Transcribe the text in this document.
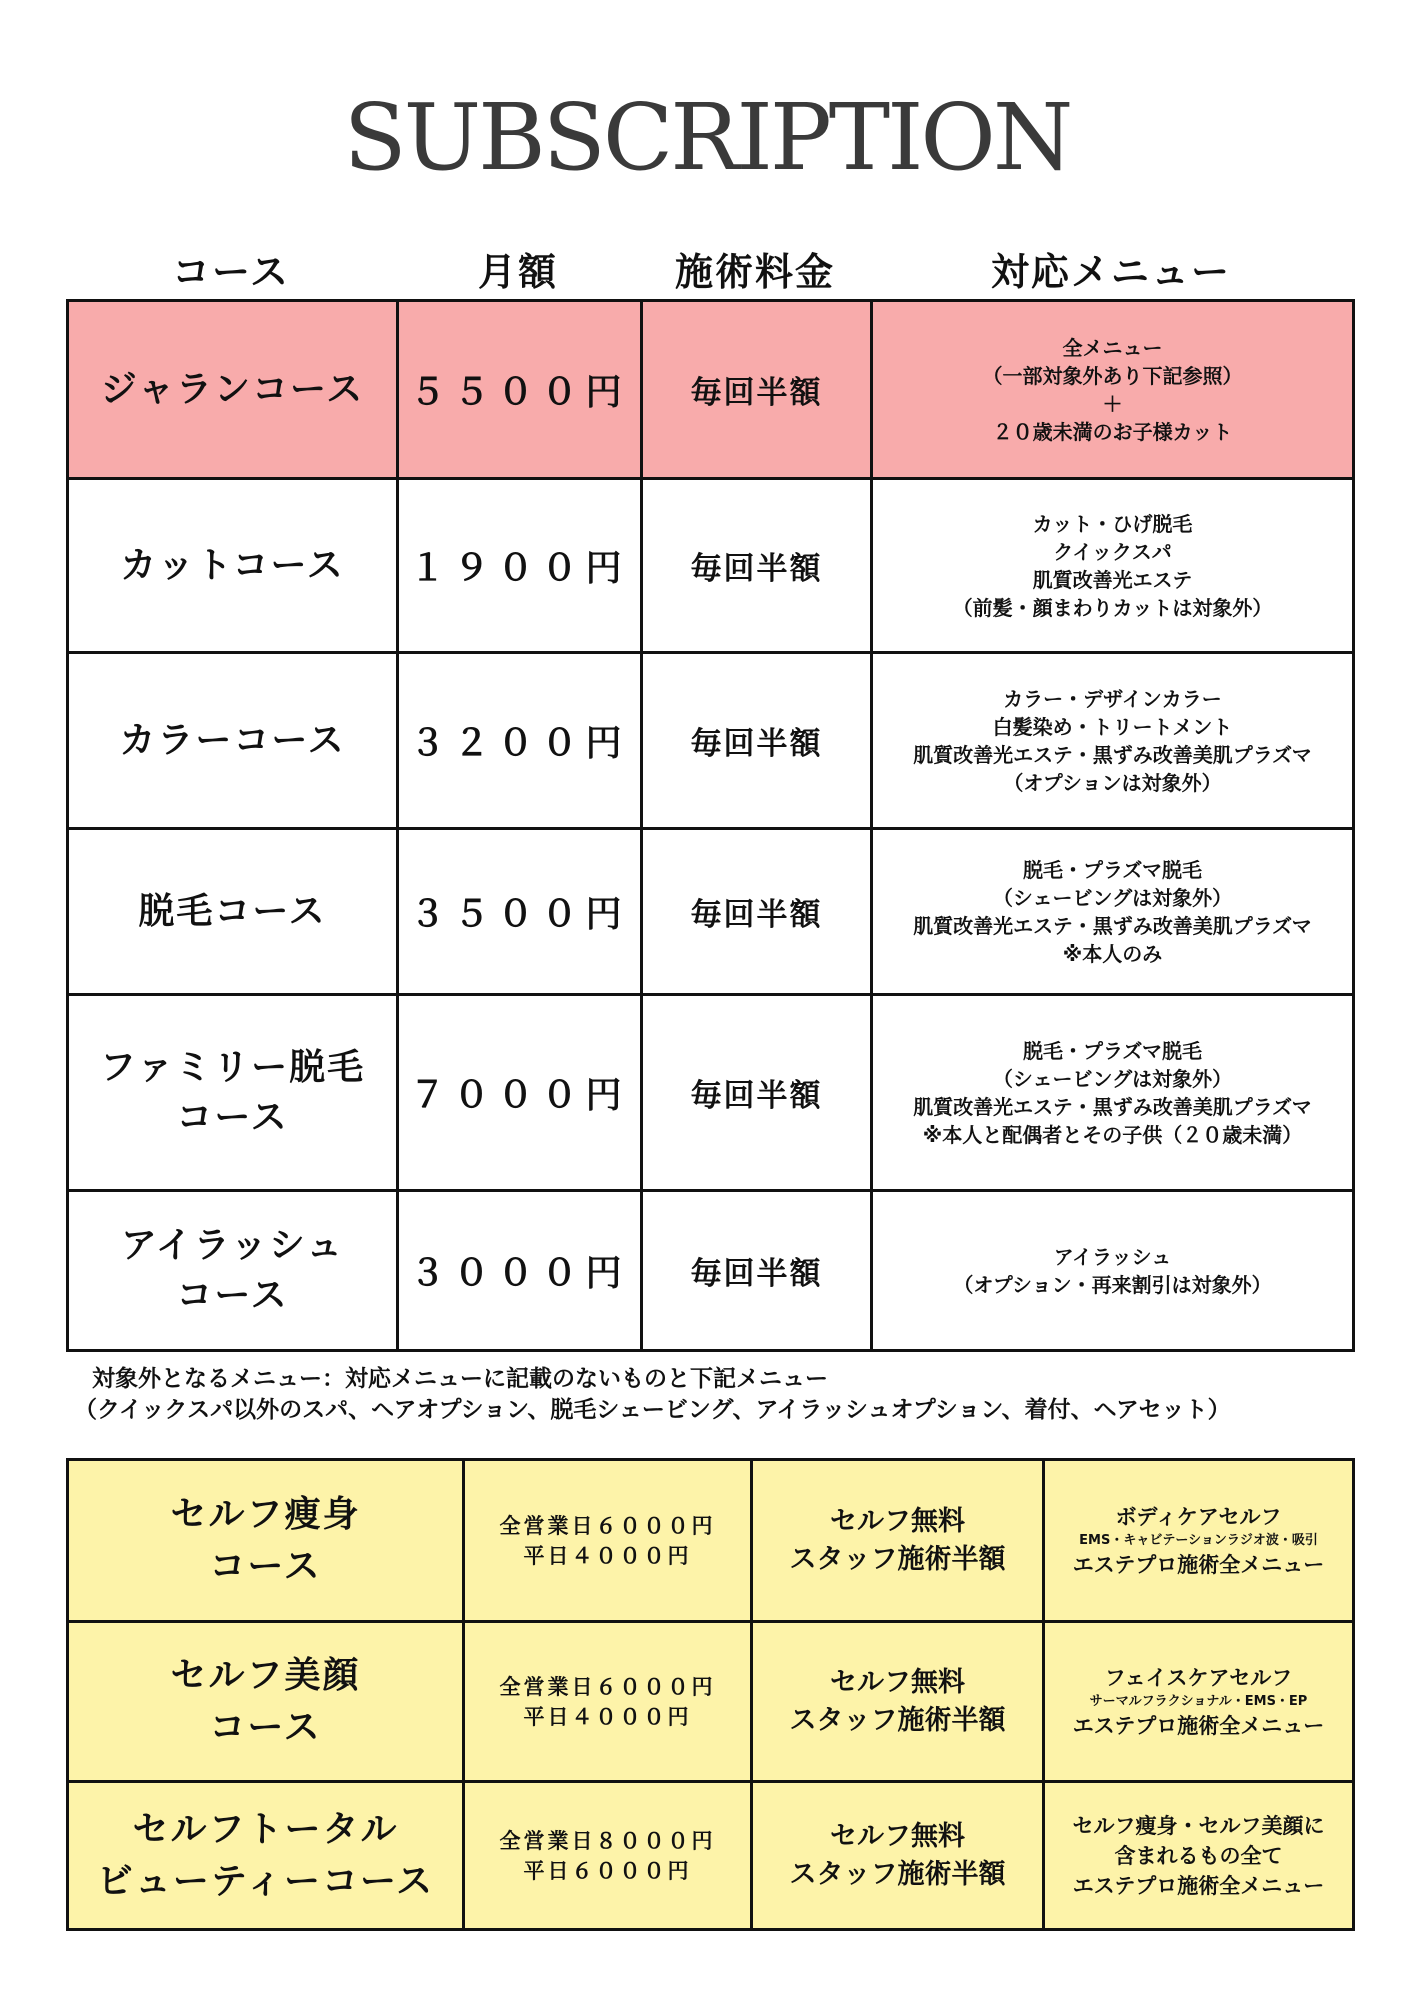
SUBSCRIPTION
コース	月額	施術料金	対応メニュー
ジャランコース	５５００円	毎回半額	全メニュー
（一部対象外あり下記参照）
＋
２０歳未満のお子様カット

カットコース	１９００円	毎回半額	カット・ひげ脱毛
クイックスパ
肌質改善光エステ
（前髪・顔まわりカットは対象外）

カラーコース	３２００円	毎回半額	カラー・デザインカラー
白髪染め・トリートメント
肌質改善光エステ・黒ずみ改善美肌プラズマ
（オプションは対象外）

脱毛コース	３５００円	毎回半額	脱毛・プラズマ脱毛
（シェービングは対象外）
肌質改善光エステ・黒ずみ改善美肌プラズマ
※本人のみ

ファミリー脱毛
コース	７０００円	毎回半額	脱毛・プラズマ脱毛
（シェービングは対象外）
肌質改善光エステ・黒ずみ改善美肌プラズマ
※本人と配偶者とその子供（２０歳未満）

アイラッシュ
コース	３０００円	毎回半額	アイラッシュ
（オプション・再来割引は対象外）
対象外となるメニュー：対応メニューに記載のないものと下記メニュー
（クイックスパ以外のスパ、ヘアオプション、脱毛シェービング、アイラッシュオプション、着付、ヘアセット）
セルフ痩身
コース	全営業日６０００円
平日４０００円	セルフ無料
スタッフ施術半額	ボディケアセルフ
EMS・キャビテーションラジオ波・吸引
エステプロ施術全メニュー

セルフ美顔
コース	全営業日６０００円
平日４０００円	セルフ無料
スタッフ施術半額	フェイスケアセルフ
サーマルフラクショナル・EMS・EP
エステプロ施術全メニュー

セルフトータル
ビューティーコース	全営業日８０００円
平日６０００円	セルフ無料
スタッフ施術半額	セルフ痩身・セルフ美顔に
含まれるもの全て
エステプロ施術全メニュー
